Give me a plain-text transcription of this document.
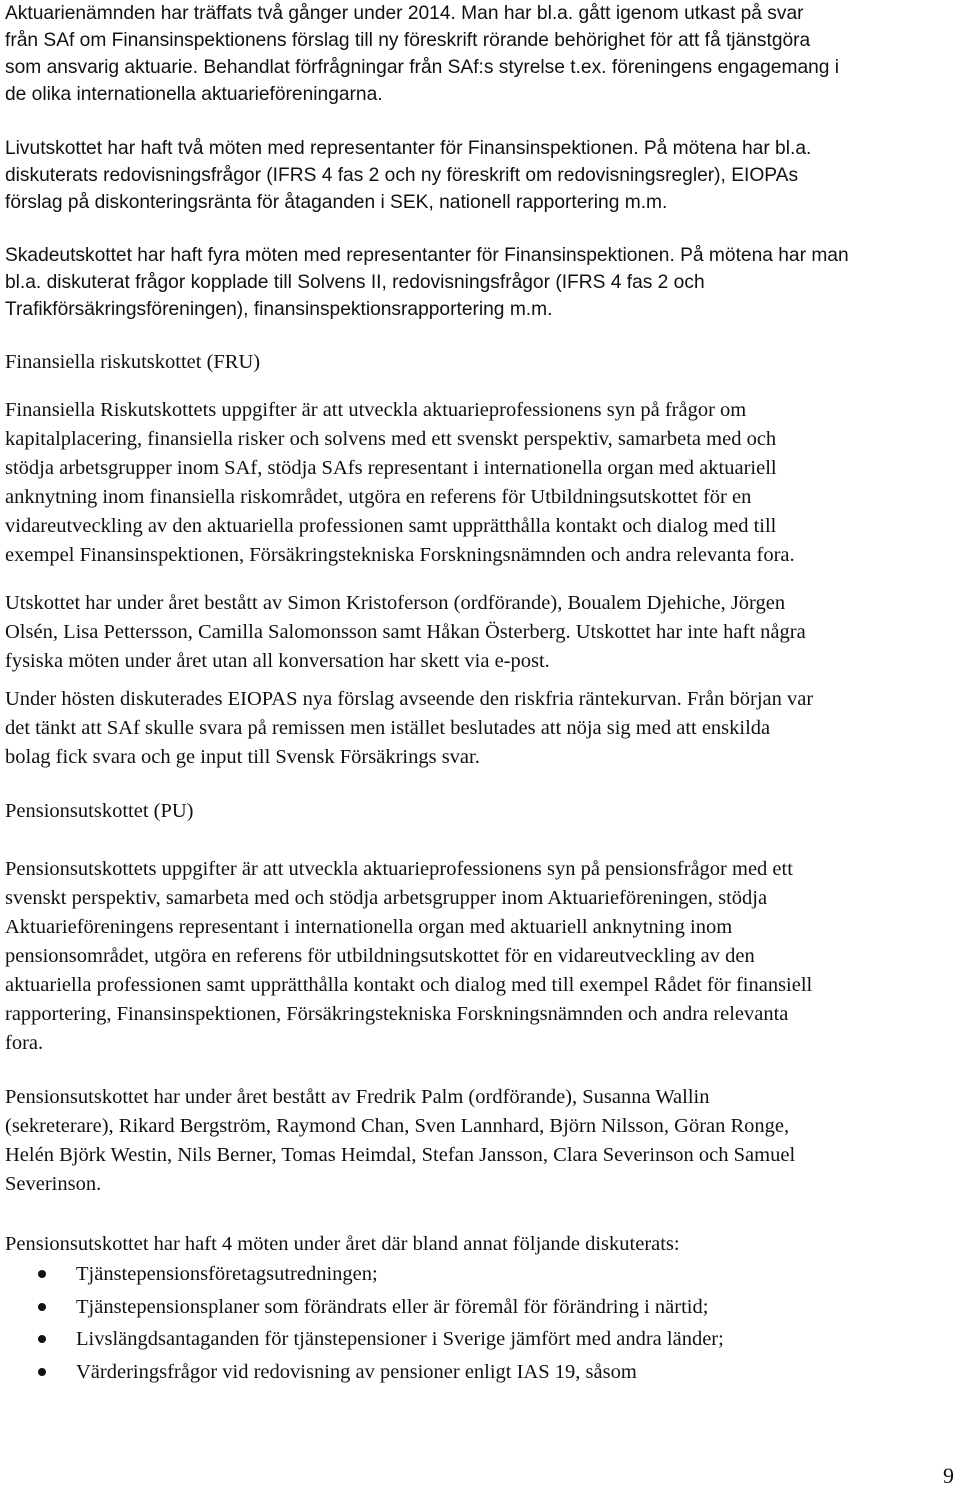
Aktuarienämnden har träffats två gånger under 2014. Man har bl.a. gått igenom utkast på svar
från SAf om Finansinspektionens förslag till ny föreskrift rörande behörighet för att få tjänstgöra
som ansvarig aktuarie. Behandlat förfrågningar från SAf:s styrelse t.ex. föreningens engagemang i
de olika internationella aktuarieföreningarna.
Livutskottet har haft två möten med representanter för Finansinspektionen. På mötena har bl.a.
diskuterats redovisningsfrågor (IFRS 4 fas 2 och ny föreskrift om redovisningsregler), EIOPAs
förslag på diskonteringsränta för åtaganden i SEK, nationell rapportering m.m.
Skadeutskottet har haft fyra möten med representanter för Finansinspektionen. På mötena har man
bl.a. diskuterat frågor kopplade till Solvens II, redovisningsfrågor (IFRS 4 fas 2 och
Trafikförsäkringsföreningen), finansinspektionsrapportering m.m.
Finansiella riskutskottet (FRU)
Finansiella Riskutskottets uppgifter är att utveckla aktuarieprofessionens syn på frågor om
kapitalplacering, finansiella risker och solvens med ett svenskt perspektiv, samarbeta med och
stödja arbetsgrupper inom SAf, stödja SAfs representant i internationella organ med aktuariell
anknytning inom finansiella riskområdet, utgöra en referens för Utbildningsutskottet för en
vidareutveckling av den aktuariella professionen samt upprätthålla kontakt och dialog med till
exempel Finansinspektionen, Försäkringstekniska Forskningsnämnden och andra relevanta fora.
Utskottet har under året bestått av Simon Kristoferson (ordförande), Boualem Djehiche, Jörgen
Olsén, Lisa Pettersson, Camilla Salomonsson samt Håkan Österberg. Utskottet har inte haft några
fysiska möten under året utan all konversation har skett via e-post.
Under hösten diskuterades EIOPAS nya förslag avseende den riskfria räntekurvan. Från början var
det tänkt att SAf skulle svara på remissen men istället beslutades att nöja sig med att enskilda
bolag fick svara och ge input till Svensk Försäkrings svar.
Pensionsutskottet (PU)
Pensionsutskottets uppgifter är att utveckla aktuarieprofessionens syn på pensionsfrågor med ett
svenskt perspektiv, samarbeta med och stödja arbetsgrupper inom Aktuarieföreningen, stödja
Aktuarieföreningens representant i internationella organ med aktuariell anknytning inom
pensionsområdet, utgöra en referens för utbildningsutskottet för en vidareutveckling av den
aktuariella professionen samt upprätthålla kontakt och dialog med till exempel Rådet för finansiell
rapportering, Finansinspektionen, Försäkringstekniska Forskningsnämnden och andra relevanta
fora.
Pensionsutskottet har under året bestått av Fredrik Palm (ordförande), Susanna Wallin
(sekreterare), Rikard Bergström, Raymond Chan, Sven Lannhard, Björn Nilsson, Göran Ronge,
Helén Björk Westin, Nils Berner, Tomas Heimdal, Stefan Jansson, Clara Severinson och Samuel
Severinson.
Pensionsutskottet har haft 4 möten under året där bland annat följande diskuterats:
Tjänstepensionsföretagsutredningen;
Tjänstepensionsplaner som förändrats eller är föremål för förändring i närtid;
Livslängdsantaganden för tjänstepensioner i Sverige jämfört med andra länder;
Värderingsfrågor vid redovisning av pensioner enligt IAS 19, såsom
9
